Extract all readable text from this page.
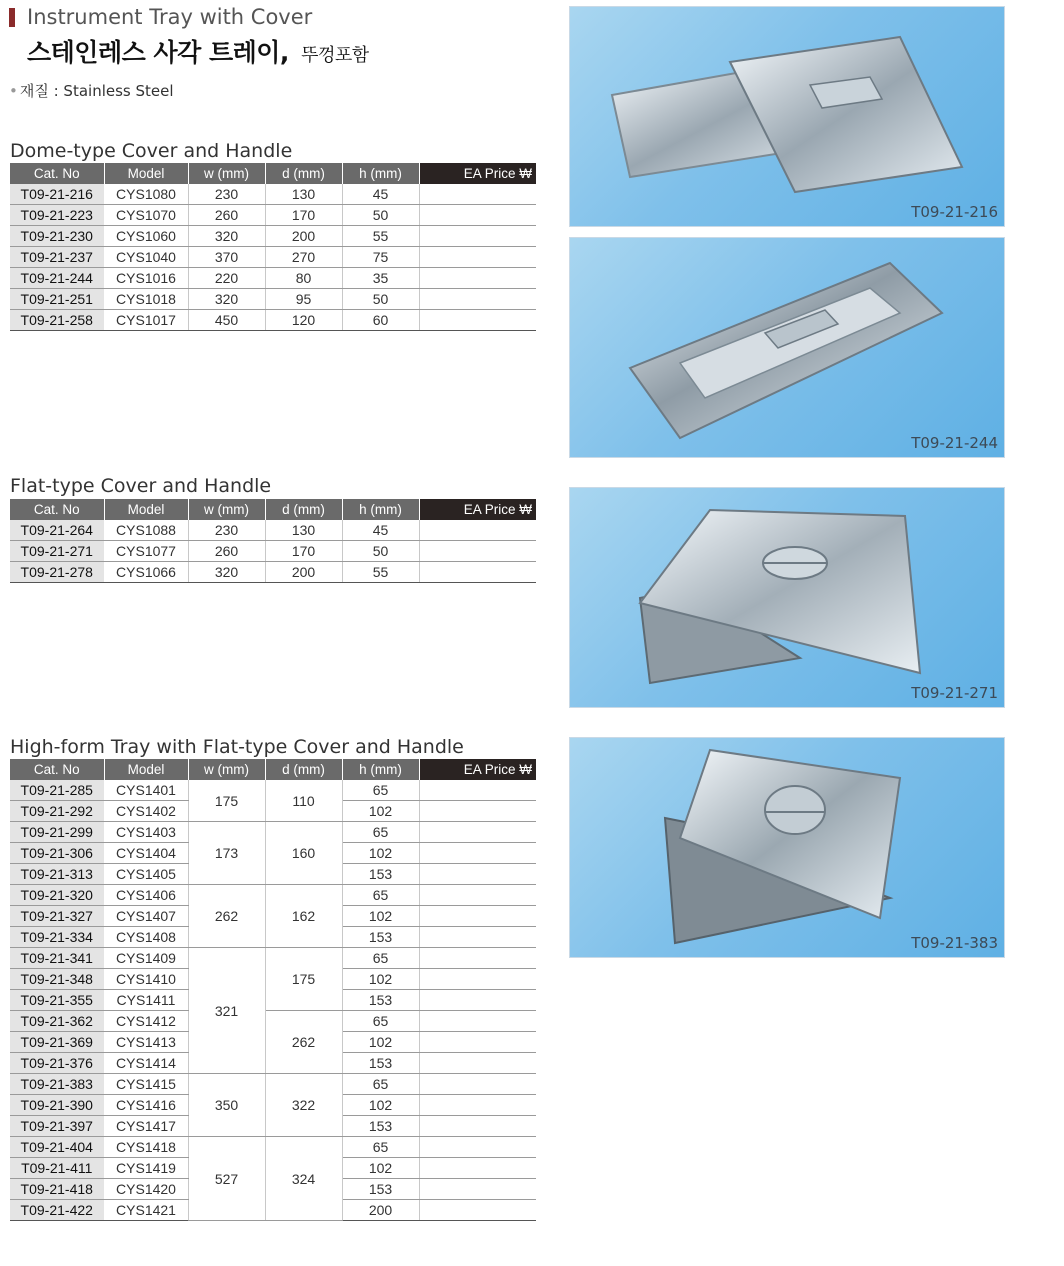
Instrument Tray with Cover
스테인레스 사각 트레이, 뚜껑포함
• 재질 : Stainless Steel
Dome-type Cover and Handle
Cat. No	Model	w (mm)	d (mm)	h (mm)	EA Price ₩
T09-21-216	CYS1080	230	130	45	
T09-21-223	CYS1070	260	170	50	
T09-21-230	CYS1060	320	200	55	
T09-21-237	CYS1040	370	270	75	
T09-21-244	CYS1016	220	80	35	
T09-21-251	CYS1018	320	95	50	
T09-21-258	CYS1017	450	120	60	
Flat-type Cover and Handle
Cat. No	Model	w (mm)	d (mm)	h (mm)	EA Price ₩
T09-21-264	CYS1088	230	130	45	
T09-21-271	CYS1077	260	170	50	
T09-21-278	CYS1066	320	200	55	
High-form Tray with Flat-type Cover and Handle
Cat. No	Model	w (mm)	d (mm)	h (mm)	EA Price ₩
T09-21-285	CYS1401	175	110	65	
T09-21-292	CYS1402			102	
T09-21-299	CYS1403	173	160	65	
T09-21-306	CYS1404			102	
T09-21-313	CYS1405			153	
T09-21-320	CYS1406	262	162	65	
T09-21-327	CYS1407			102	
T09-21-334	CYS1408			153	
T09-21-341	CYS1409	321	175	65	
T09-21-348	CYS1410			102	
T09-21-355	CYS1411			153	
T09-21-362	CYS1412		262	65	
T09-21-369	CYS1413			102	
T09-21-376	CYS1414			153	
T09-21-383	CYS1415	350	322	65	
T09-21-390	CYS1416			102	
T09-21-397	CYS1417			153	
T09-21-404	CYS1418	527	324	65	
T09-21-411	CYS1419			102	
T09-21-418	CYS1420			153	
T09-21-422	CYS1421			200	
T09-21-216
T09-21-244
T09-21-271
T09-21-383
